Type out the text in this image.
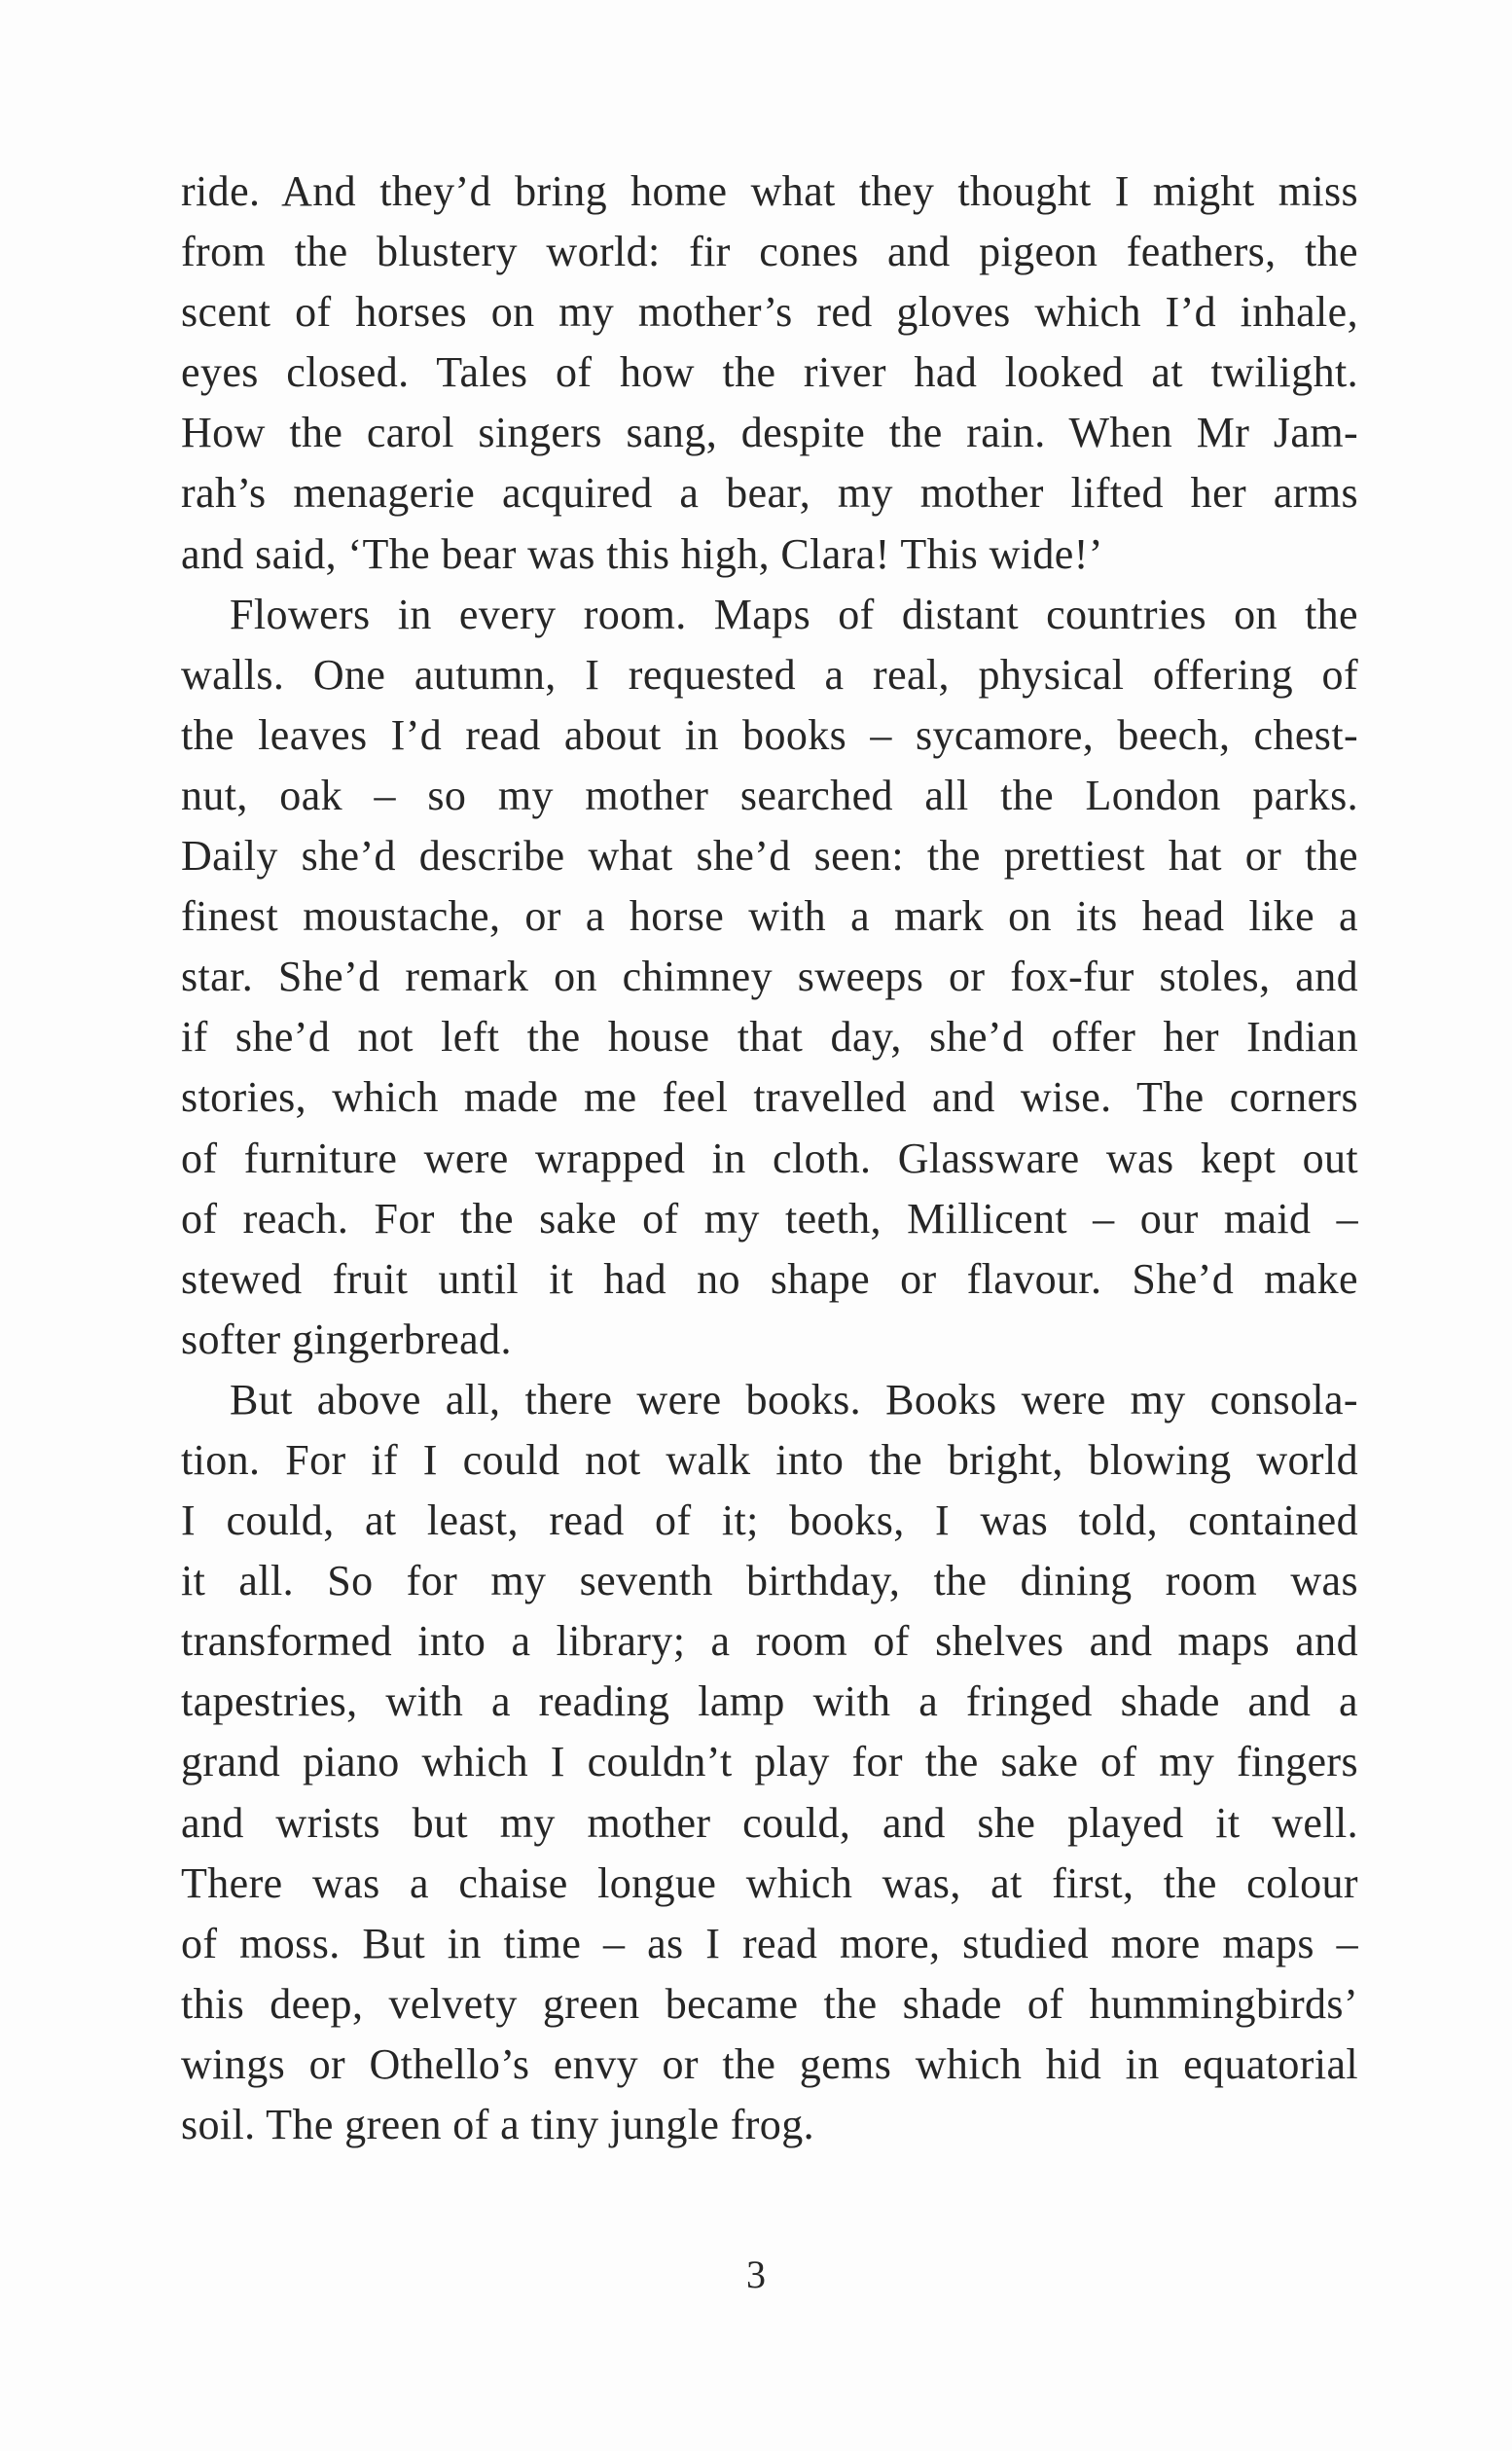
ride. And they’d bring home what they thought I might miss
from the blustery world: fir cones and pigeon feathers, the
scent of horses on my mother’s red gloves which I’d inhale,
eyes closed. Tales of how the river had looked at twilight.
How the carol singers sang, despite the rain. When Mr Jam-
rah’s menagerie acquired a bear, my mother lifted her arms
and said, ‘The bear was this high, Clara! This wide!’
Flowers in every room. Maps of distant countries on the
walls. One autumn, I requested a real, physical offering of
the leaves I’d read about in books – sycamore, beech, chest-
nut, oak – so my mother searched all the London parks.
Daily she’d describe what she’d seen: the prettiest hat or the
finest moustache, or a horse with a mark on its head like a
star. She’d remark on chimney sweeps or fox-fur stoles, and
if she’d not left the house that day, she’d offer her Indian
stories, which made me feel travelled and wise. The corners
of furniture were wrapped in cloth. Glassware was kept out
of reach. For the sake of my teeth, Millicent – our maid –
stewed fruit until it had no shape or flavour. She’d make
softer gingerbread.
But above all, there were books. Books were my consola-
tion. For if I could not walk into the bright, blowing world
I could, at least, read of it; books, I was told, contained
it all. So for my seventh birthday, the dining room was
transformed into a library; a room of shelves and maps and
tapestries, with a reading lamp with a fringed shade and a
grand piano which I couldn’t play for the sake of my fingers
and wrists but my mother could, and she played it well.
There was a chaise longue which was, at first, the colour
of moss. But in time – as I read more, studied more maps –
this deep, velvety green became the shade of hummingbirds’
wings or Othello’s envy or the gems which hid in equatorial
soil. The green of a tiny jungle frog.
3
